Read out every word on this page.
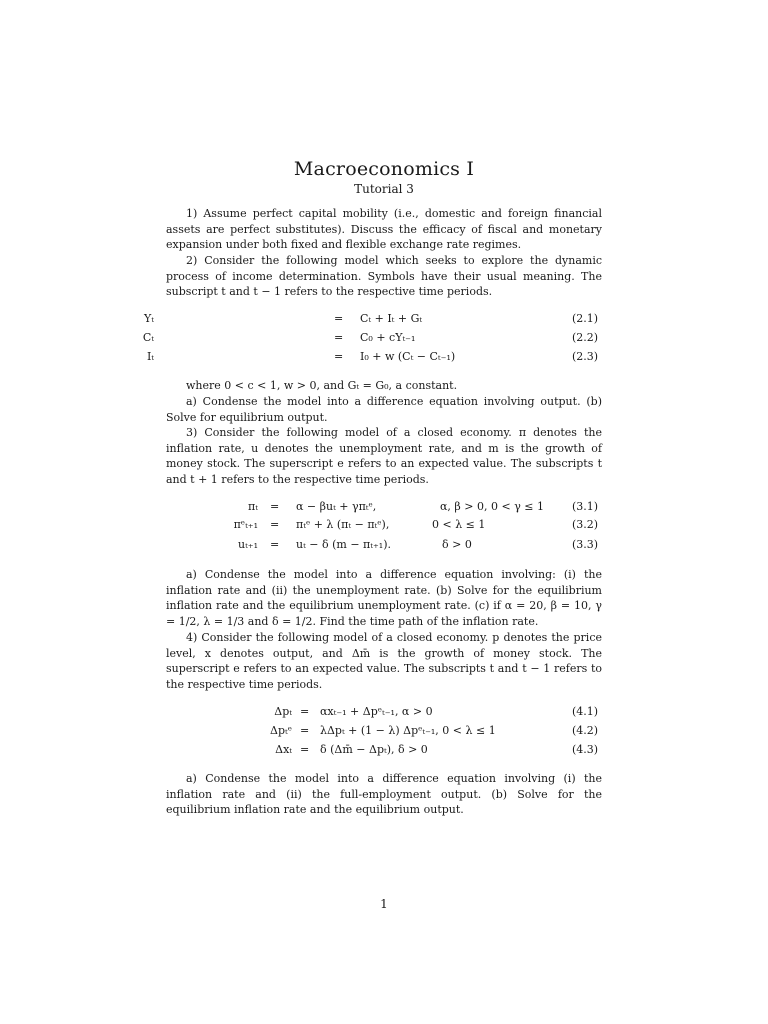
Macroeconomics I
Tutorial 3

1) Assume perfect capital mobility (i.e., domestic and foreign financial assets are perfect substitutes). Discuss the efficacy of fiscal and monetary expansion under both fixed and flexible exchange rate regimes.

2) Consider the following model which seeks to explore the dynamic process of income determination. Symbols have their usual meaning. The subscript t and t − 1 refers to the respective time periods.

Yₜ	= Cₜ + Iₜ + Gₜ	(2.1)
Cₜ	= C₀ + cYₜ₋₁	(2.2)
Iₜ	= I₀ + w (Cₜ − Cₜ₋₁)	(2.3)

where 0 < c < 1, w > 0, and Gₜ = G₀, a constant.

a) Condense the model into a difference equation involving output. (b) Solve for equilibrium output.

3) Consider the following model of a closed economy. π denotes the inflation rate, u denotes the unemployment rate, and m is the growth of money stock. The superscript e refers to an expected value. The subscripts t and t + 1 refers to the respective time periods.

πₜ = α − βuₜ + γπₜᵉ,	α, β > 0, 0 < γ ≤ 1	(3.1)
πᵉₜ₊₁ = πₜᵉ + λ (πₜ − πₜᵉ),	0 < λ ≤ 1	(3.2)
uₜ₊₁ = uₜ − δ (m − πₜ₊₁).	δ > 0	(3.3)

a) Condense the model into a difference equation involving: (i) the inflation rate and (ii) the unemployment rate. (b) Solve for the equilibrium inflation rate and the equilibrium unemployment rate. (c) if α = 20, β = 10, γ = 1/2, λ = 1/3 and δ = 1/2. Find the time path of the inflation rate.

4) Consider the following model of a closed economy. p denotes the price level, x denotes output, and Δm̄ is the growth of money stock. The superscript e refers to an expected value. The subscripts t and t − 1 refers to the respective time periods.

Δpₜ = αxₜ₋₁ + Δpᵉₜ₋₁, α > 0	(4.1)
Δpₜᵉ = λΔpₜ + (1 − λ) Δpᵉₜ₋₁, 0 < λ ≤ 1	(4.2)
Δxₜ = δ (Δm̄ − Δpₜ), δ > 0	(4.3)

a) Condense the model into a difference equation involving (i) the inflation rate and (ii) the full-employment output. (b) Solve for the equilibrium inflation rate and the equilibrium output.

1
